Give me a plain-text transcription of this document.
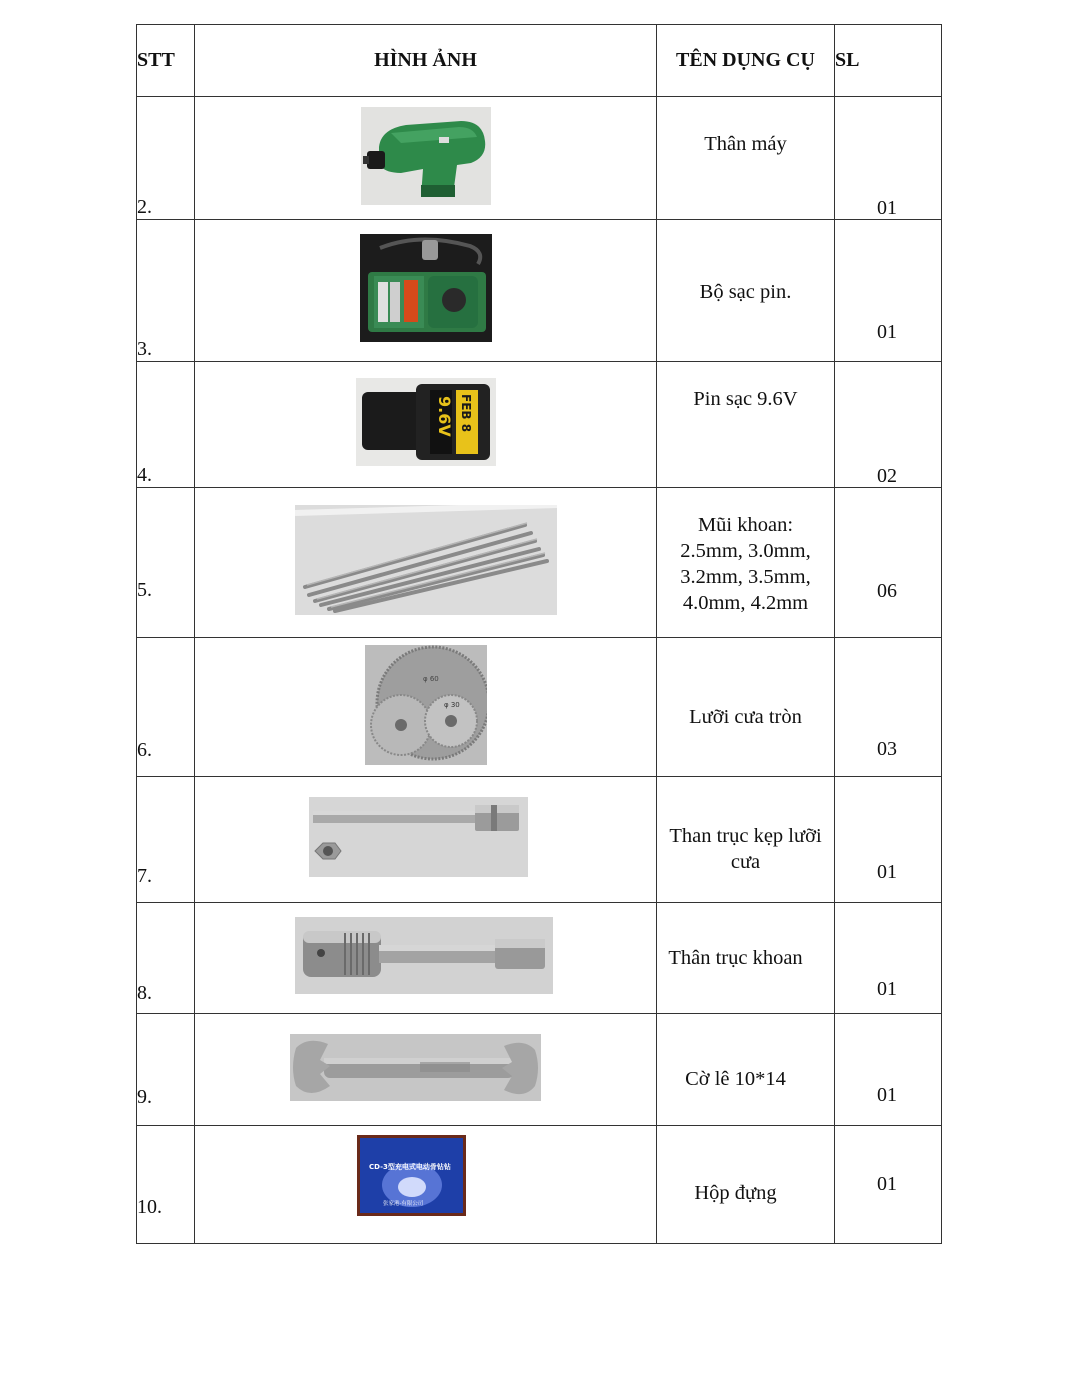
STT	HÌNH ẢNH	TÊN DỤNG CỤ	SL
2.		Thân máy	01

3.		Bộ sạc pin.	01

4.	9.6V FEB 8	Pin sạc 9.6V	02

5.		Mũi khoan:
2.5mm, 3.0mm,
3.2mm, 3.5mm,
4.0mm, 4.2mm	06

6.	φ 60
φ 30	Lưỡi cưa tròn	03

7.		Than trục kẹp lưỡi
cưa	01

8.		Thân trục khoan	01

9.		Cờ lê 10*14	01

10.	CD-3型充电式电动骨钻钻
张家港·有限公司	Hộp đựng	01
